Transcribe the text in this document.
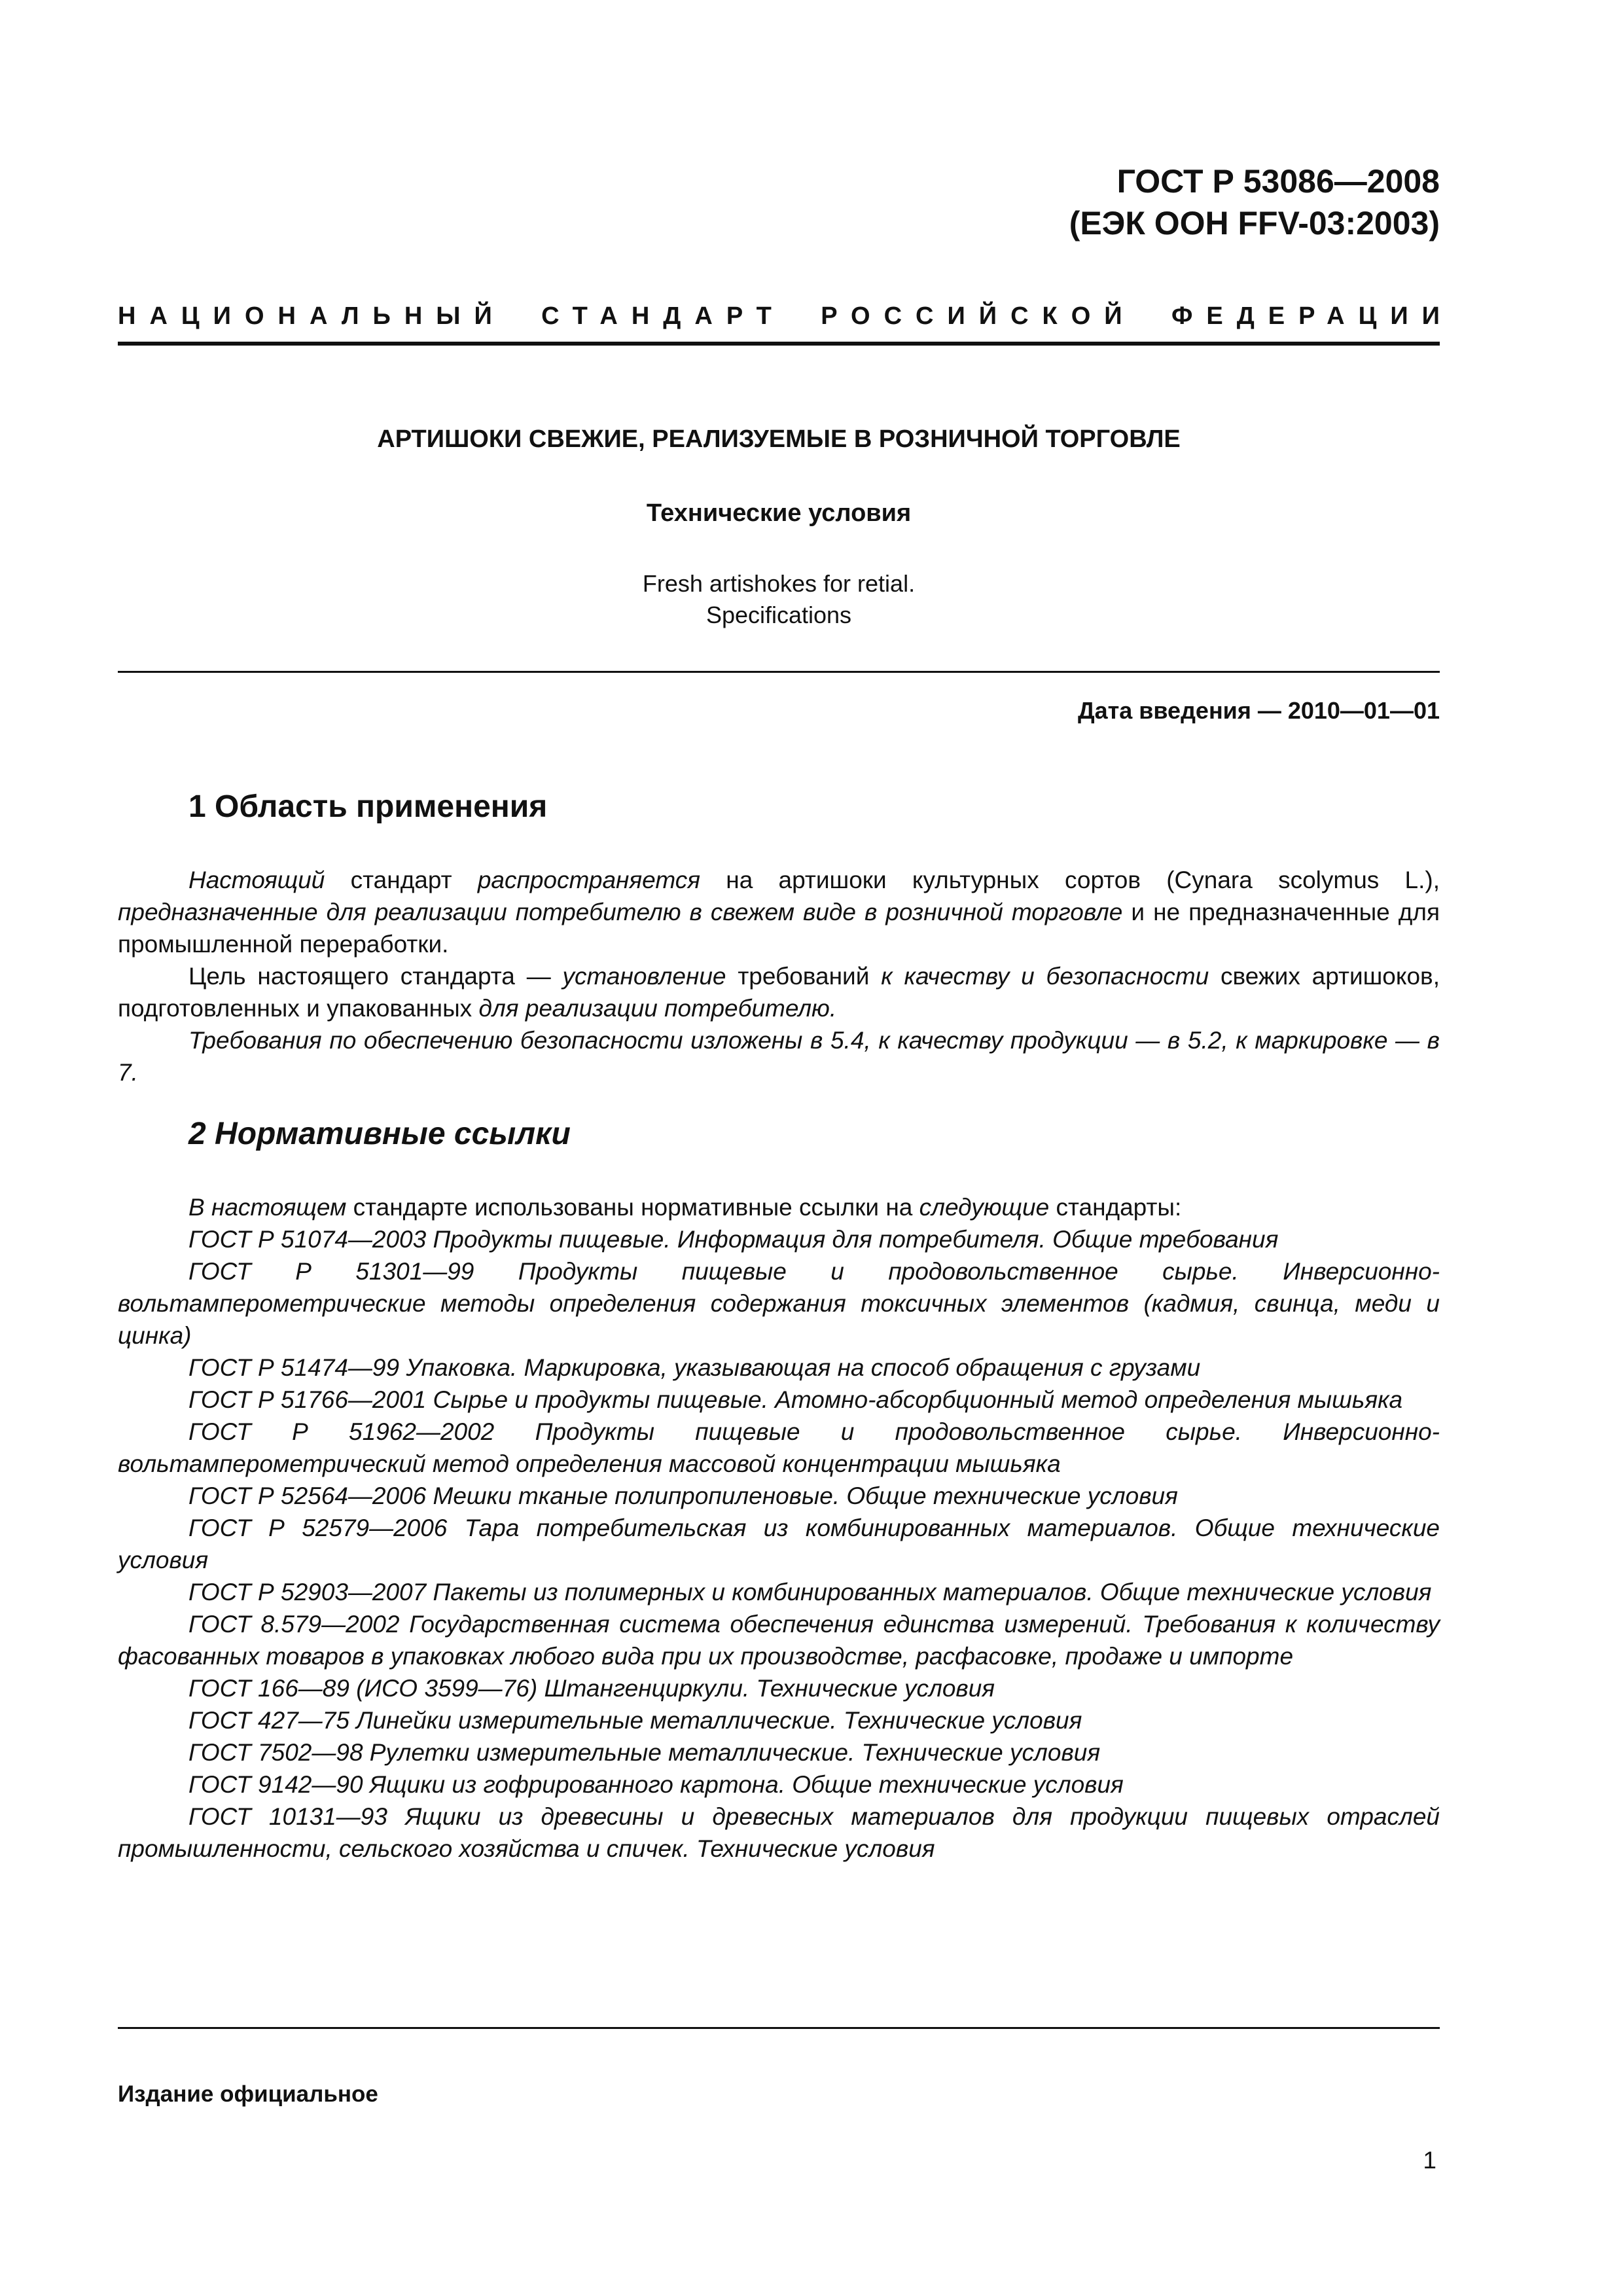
ГОСТ Р 53086—2008
(ЕЭК ООН FFV-03:2003)
НАЦИОНАЛЬНЫЙ СТАНДАРТ РОССИЙСКОЙ ФЕДЕРАЦИИ
АРТИШОКИ СВЕЖИЕ, РЕАЛИЗУЕМЫЕ В РОЗНИЧНОЙ ТОРГОВЛЕ
Технические условия
Fresh artishokes for retial.
Specifications
Дата введения — 2010—01—01
1 Область применения

Настоящий стандарт распространяется на артишоки культурных сортов (Cynara scolymus L.), предназначенные для реализации потребителю в свежем виде в розничной торговле и не предназначенные для промышленной переработки.

Цель настоящего стандарта — установление требований к качеству и безопасности свежих артишоков, подготовленных и упакованных для реализации потребителю.

Требования по обеспечению безопасности изложены в 5.4, к качеству продукции — в 5.2, к маркировке — в 7.

2 Нормативные ссылки

В настоящем стандарте использованы нормативные ссылки на следующие стандарты:

ГОСТ Р 51074—2003 Продукты пищевые. Информация для потребителя. Общие требования

ГОСТ Р 51301—99 Продукты пищевые и продовольственное сырье. Инверсионно-вольтамперометрические методы определения содержания токсичных элементов (кадмия, свинца, меди и цинка)

ГОСТ Р 51474—99 Упаковка. Маркировка, указывающая на способ обращения с грузами

ГОСТ Р 51766—2001 Сырье и продукты пищевые. Атомно-абсорбционный метод определения мышьяка

ГОСТ Р 51962—2002 Продукты пищевые и продовольственное сырье. Инверсионно-вольтамперометрический метод определения массовой концентрации мышьяка

ГОСТ Р 52564—2006 Мешки тканые полипропиленовые. Общие технические условия

ГОСТ Р 52579—2006 Тара потребительская из комбинированных материалов. Общие технические условия

ГОСТ Р 52903—2007 Пакеты из полимерных и комбинированных материалов. Общие технические условия

ГОСТ 8.579—2002 Государственная система обеспечения единства измерений. Требования к количеству фасованных товаров в упаковках любого вида при их производстве, расфасовке, продаже и импорте

ГОСТ 166—89 (ИСО 3599—76) Штангенциркули. Технические условия

ГОСТ 427—75 Линейки измерительные металлические. Технические условия

ГОСТ 7502—98 Рулетки измерительные металлические. Технические условия

ГОСТ 9142—90 Ящики из гофрированного картона. Общие технические условия

ГОСТ 10131—93 Ящики из древесины и древесных материалов для продукции пищевых отраслей промышленности, сельского хозяйства и спичек. Технические условия

Издание официальное
1
